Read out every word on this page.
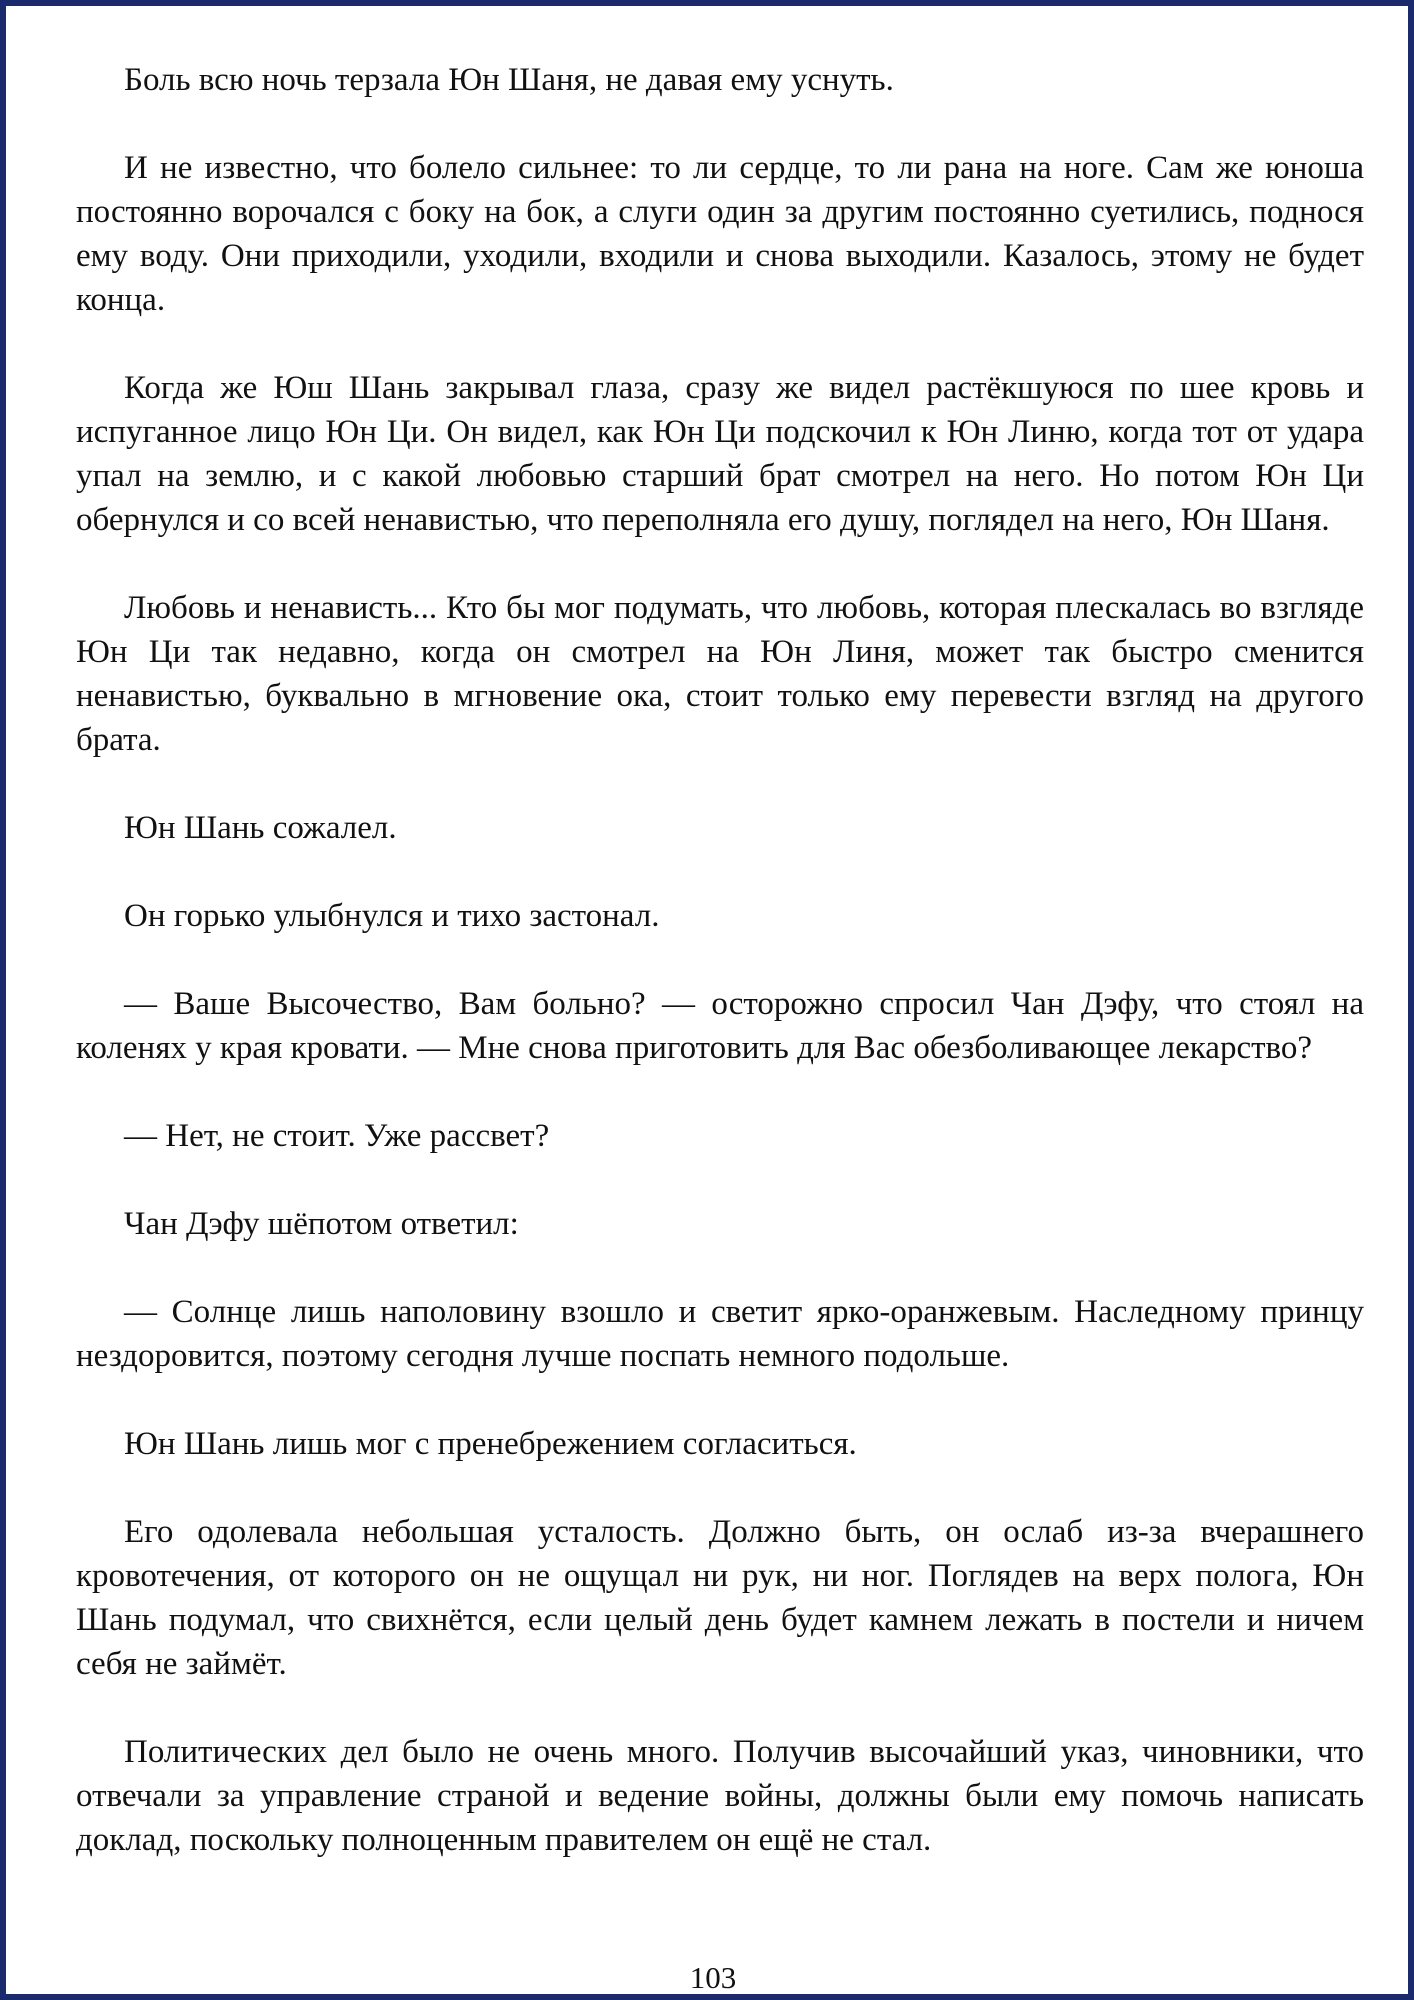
Боль всю ночь терзала Юн Шаня, не давая ему уснуть.

И не известно, что болело сильнее: то ли сердце, то ли рана на ноге. Сам же юноша постоянно ворочался с боку на бок, а слуги один за другим постоянно суетились, поднося ему воду. Они приходили, уходили, входили и снова выходили. Казалось, этому не будет конца.

Когда же Юш Шань закрывал глаза, сразу же видел растёкшуюся по шее кровь и испуганное лицо Юн Ци. Он видел, как Юн Ци подскочил к Юн Линю, когда тот от удара упал на землю, и с какой любовью старший брат смотрел на него. Но потом Юн Ци обернулся и со всей ненавистью, что переполняла его душу, поглядел на него, Юн Шаня.

Любовь и ненависть... Кто бы мог подумать, что любовь, которая плескалась во взгляде Юн Ци так недавно, когда он смотрел на Юн Линя, может так быстро сменится ненавистью, буквально в мгновение ока, стоит только ему перевести взгляд на другого брата.

Юн Шань сожалел.

Он горько улыбнулся и тихо застонал.

— Ваше Высочество, Вам больно? — осторожно спросил Чан Дэфу, что стоял на коленях у края кровати. — Мне снова приготовить для Вас обезболивающее лекарство?

— Нет, не стоит. Уже рассвет?

Чан Дэфу шёпотом ответил:

— Солнце лишь наполовину взошло и светит ярко-оранжевым. Наследному принцу нездоровится, поэтому сегодня лучше поспать немного подольше.

Юн Шань лишь мог с пренебрежением согласиться.

Его одолевала небольшая усталость. Должно быть, он ослаб из-за вчерашнего кровотечения, от которого он не ощущал ни рук, ни ног. Поглядев на верх полога, Юн Шань подумал, что свихнётся, если целый день будет камнем лежать в постели и ничем себя не займёт.

Политических дел было не очень много. Получив высочайший указ, чиновники, что отвечали за управление страной и ведение войны, должны были ему помочь написать доклад, поскольку полноценным правителем он ещё не стал.

103
